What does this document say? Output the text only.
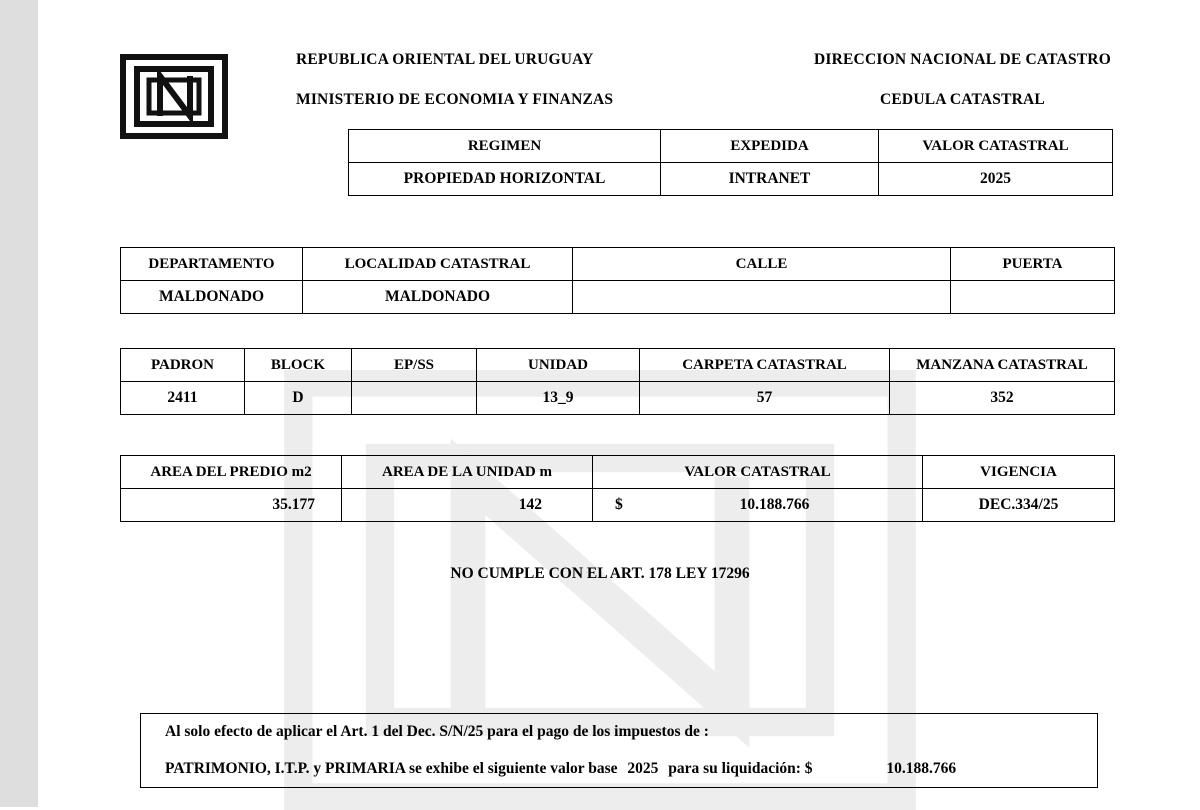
REPUBLICA ORIENTAL DEL URUGUAY
MINISTERIO DE ECONOMIA Y FINANZAS
DIRECCION NACIONAL DE CATASTRO
CEDULA CATASTRAL
REGIMEN	EXPEDIDA	VALOR CATASTRAL
PROPIEDAD HORIZONTAL	INTRANET	2025
DEPARTAMENTO	LOCALIDAD CATASTRAL	CALLE	PUERTA
MALDONADO	MALDONADO		
PADRON	BLOCK	EP/SS	UNIDAD	CARPETA CATASTRAL	MANZANA CATASTRAL
2411	D		13_9	57	352
AREA DEL PREDIO m2	AREA DE LA UNIDAD m	VALOR CATASTRAL	VIGENCIA
35.177	142	$ 10.188.766	DEC.334/25
NO CUMPLE CON EL ART. 178 LEY 17296
Al solo efecto de aplicar el Art. 1 del Dec. S/N/25 para el pago de los impuestos de :
PATRIMONIO, I.T.P. y PRIMARIA se exhibe el siguiente valor base 2025 para su liquidación: $	10.188.766
